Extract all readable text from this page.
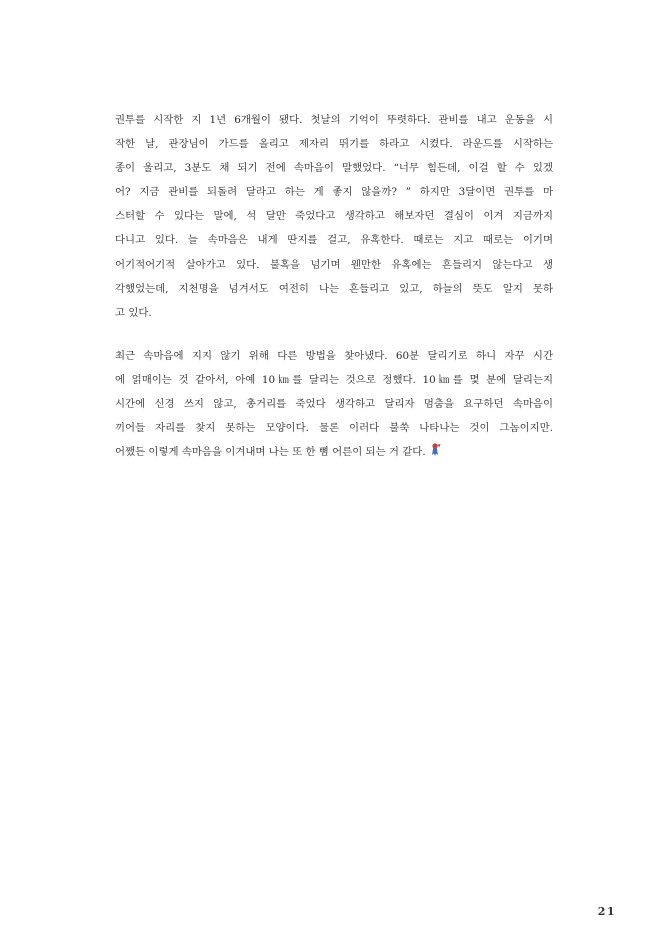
권투를 시작한 지 1년 6개월이 됐다. 첫날의 기억이 뚜렷하다. 관비를 내고 운동을 시
작한 날, 관장님이 가드를 올리고 제자리 뛰기를 하라고 시켰다. 라운드를 시작하는
종이 울리고, 3분도 채 되기 전에 속마음이 말했었다. “너무 힘든데, 이걸 할 수 있겠
어? 지금 관비를 되돌려 달라고 하는 게 좋지 않을까? ” 하지만 3달이면 권투를 마
스터할 수 있다는 말에, 석 달만 죽었다고 생각하고 해보자던 결심이 이겨 지금까지
다니고 있다. 늘 속마음은 내게 딴지를 걸고, 유혹한다. 때로는 지고 때로는 이기며
어기적어기적 살아가고 있다. 불혹을 넘기며 웬만한 유혹에는 흔들리지 않는다고 생
각했었는데, 지천명을 넘겨서도 여전히 나는 흔들리고 있고, 하늘의 뜻도 알지 못하
고 있다.
최근 속마음에 지지 않기 위해 다른 방법을 찾아냈다. 60분 달리기로 하니 자꾸 시간
에 얽매이는 것 같아서, 아예 10㎞를 달리는 것으로 정했다. 10㎞를 몇 분에 달리는지
시간에 신경 쓰지 않고, 총거리를 죽었다 생각하고 달리자 멈춤을 요구하던 속마음이
끼어들 자리를 찾지 못하는 모양이다. 물론 이러다 불쑥 나타나는 것이 그놈이지만.
어쨌든 이렇게 속마음을 이겨내며 나는 또 한 뼘 어른이 되는 거 같다.
21
